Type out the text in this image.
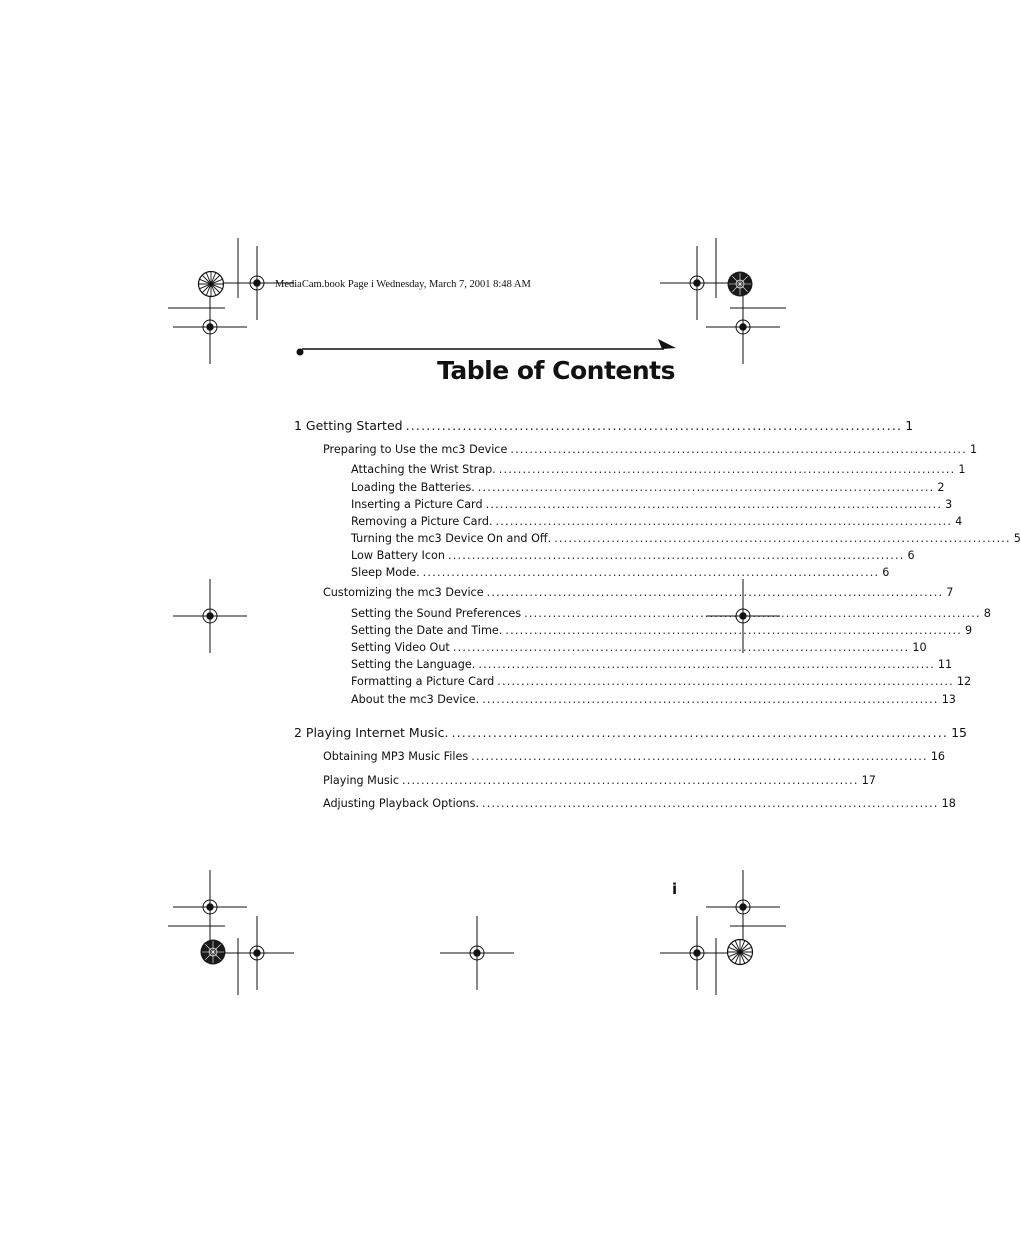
MediaCam.book Page i Wednesday, March 7, 2001 8:48 AM
Table of Contents
1 Getting Started ................................................................................................ 1
Preparing to Use the mc3 Device ................................................................................................ 1
Attaching the Wrist Strap. ................................................................................................ 1
Loading the Batteries. ................................................................................................ 2
Inserting a Picture Card ................................................................................................ 3
Removing a Picture Card. ................................................................................................ 4
Turning the mc3 Device On and Off. ................................................................................................ 5
Low Battery Icon ................................................................................................ 6
Sleep Mode. ................................................................................................ 6
Customizing the mc3 Device ................................................................................................ 7
Setting the Sound Preferences ................................................................................................ 8
Setting the Date and Time. ................................................................................................ 9
Setting Video Out ................................................................................................ 10
Setting the Language. ................................................................................................ 11
Formatting a Picture Card ................................................................................................ 12
About the mc3 Device. ................................................................................................ 13
2 Playing Internet Music. ................................................................................................ 15
Obtaining MP3 Music Files ................................................................................................ 16
Playing Music ................................................................................................ 17
Adjusting Playback Options. ................................................................................................ 18
i
